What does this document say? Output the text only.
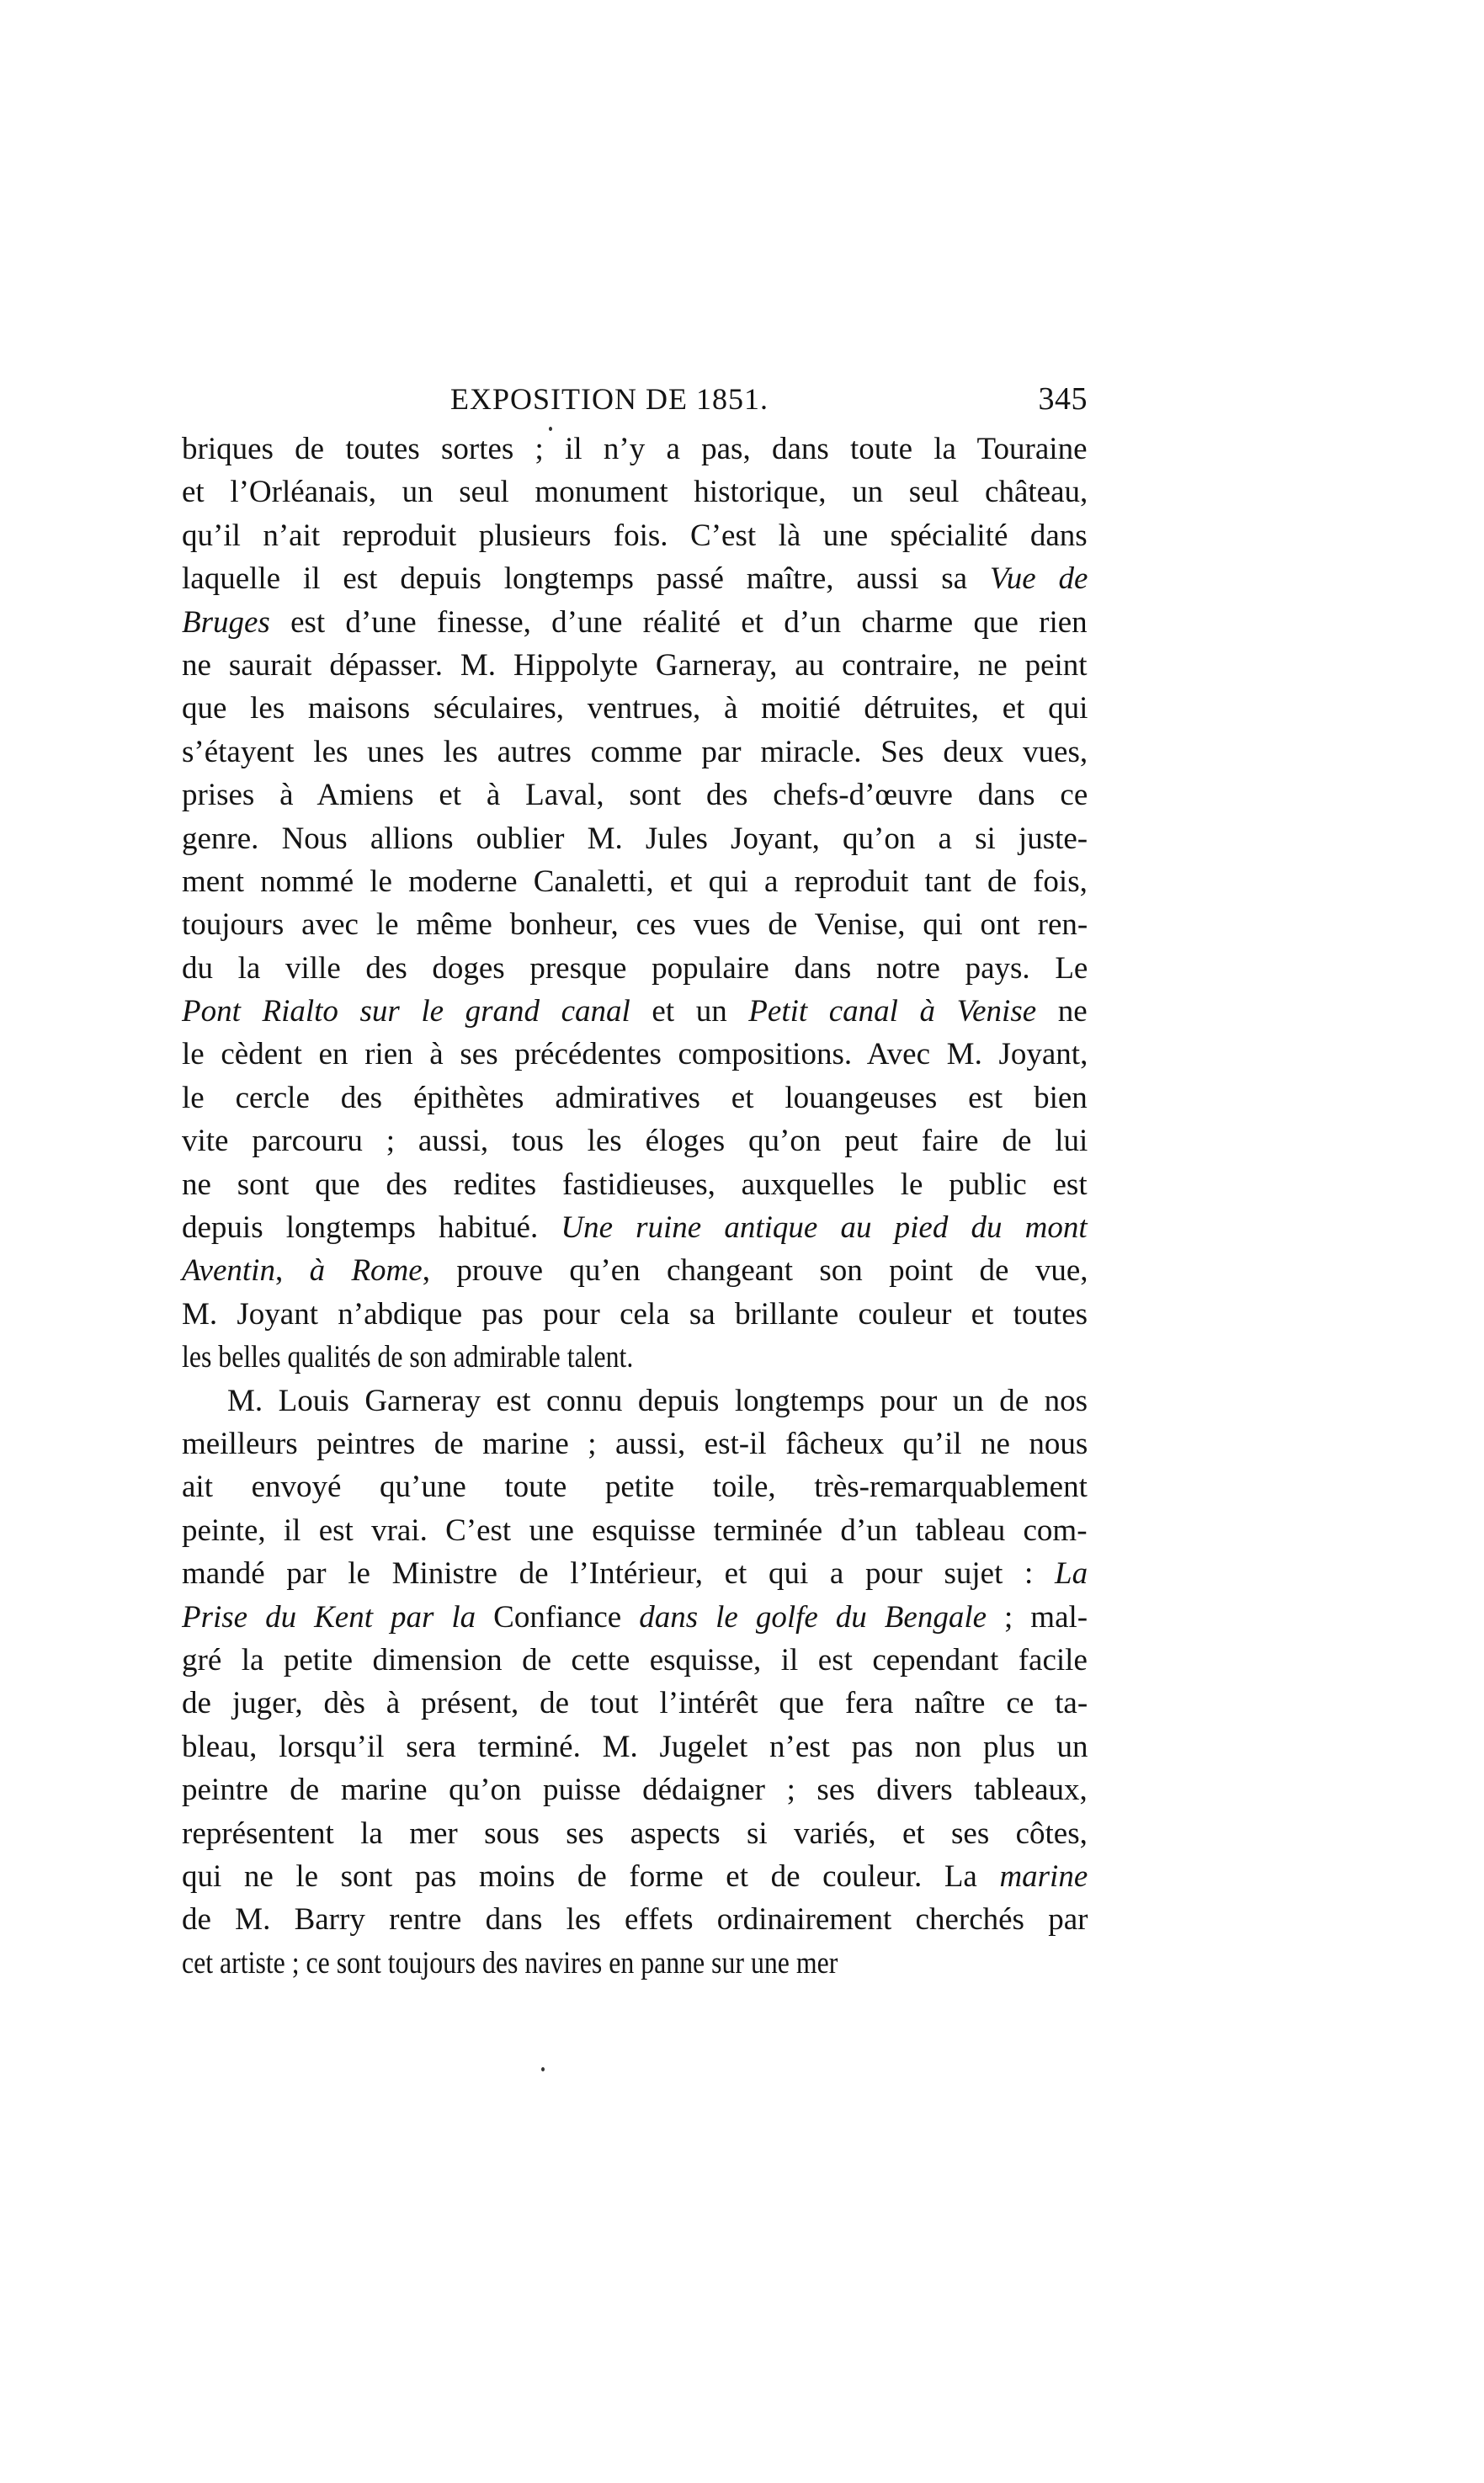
EXPOSITION DE 1851.	345
briques de toutes sortes ; il n’y a pas, dans toute la Touraine
et l’Orléanais, un seul monument historique, un seul château,
qu’il n’ait reproduit plusieurs fois. C’est là une spécialité dans
laquelle il est depuis longtemps passé maître, aussi sa Vue de
Bruges est d’une finesse, d’une réalité et d’un charme que rien
ne saurait dépasser. M. Hippolyte Garneray, au contraire, ne peint
que les maisons séculaires, ventrues, à moitié détruites, et qui
s’étayent les unes les autres comme par miracle. Ses deux vues,
prises à Amiens et à Laval, sont des chefs-d’œuvre dans ce
genre. Nous allions oublier M. Jules Joyant, qu’on a si juste-
ment nommé le moderne Canaletti, et qui a reproduit tant de fois,
toujours avec le même bonheur, ces vues de Venise, qui ont ren-
du la ville des doges presque populaire dans notre pays. Le
Pont Rialto sur le grand canal et un Petit canal à Venise ne
le cèdent en rien à ses précédentes compositions. Avec M. Joyant,
le cercle des épithètes admiratives et louangeuses est bien
vite parcouru ; aussi, tous les éloges qu’on peut faire de lui
ne sont que des redites fastidieuses, auxquelles le public est
depuis longtemps habitué. Une ruine antique au pied du mont
Aventin, à Rome, prouve qu’en changeant son point de vue,
M. Joyant n’abdique pas pour cela sa brillante couleur et toutes
les belles qualités de son admirable talent.
M. Louis Garneray est connu depuis longtemps pour un de nos
meilleurs peintres de marine ; aussi, est-il fâcheux qu’il ne nous
ait envoyé qu’une toute petite toile, très-remarquablement
peinte, il est vrai. C’est une esquisse terminée d’un tableau com-
mandé par le Ministre de l’Intérieur, et qui a pour sujet : La
Prise du Kent par la Confiance dans le golfe du Bengale ; mal-
gré la petite dimension de cette esquisse, il est cependant facile
de juger, dès à présent, de tout l’intérêt que fera naître ce ta-
bleau, lorsqu’il sera terminé. M. Jugelet n’est pas non plus un
peintre de marine qu’on puisse dédaigner ; ses divers tableaux,
représentent la mer sous ses aspects si variés, et ses côtes,
qui ne le sont pas moins de forme et de couleur. La marine
de M. Barry rentre dans les effets ordinairement cherchés par
cet artiste ; ce sont toujours des navires en panne sur une mer
